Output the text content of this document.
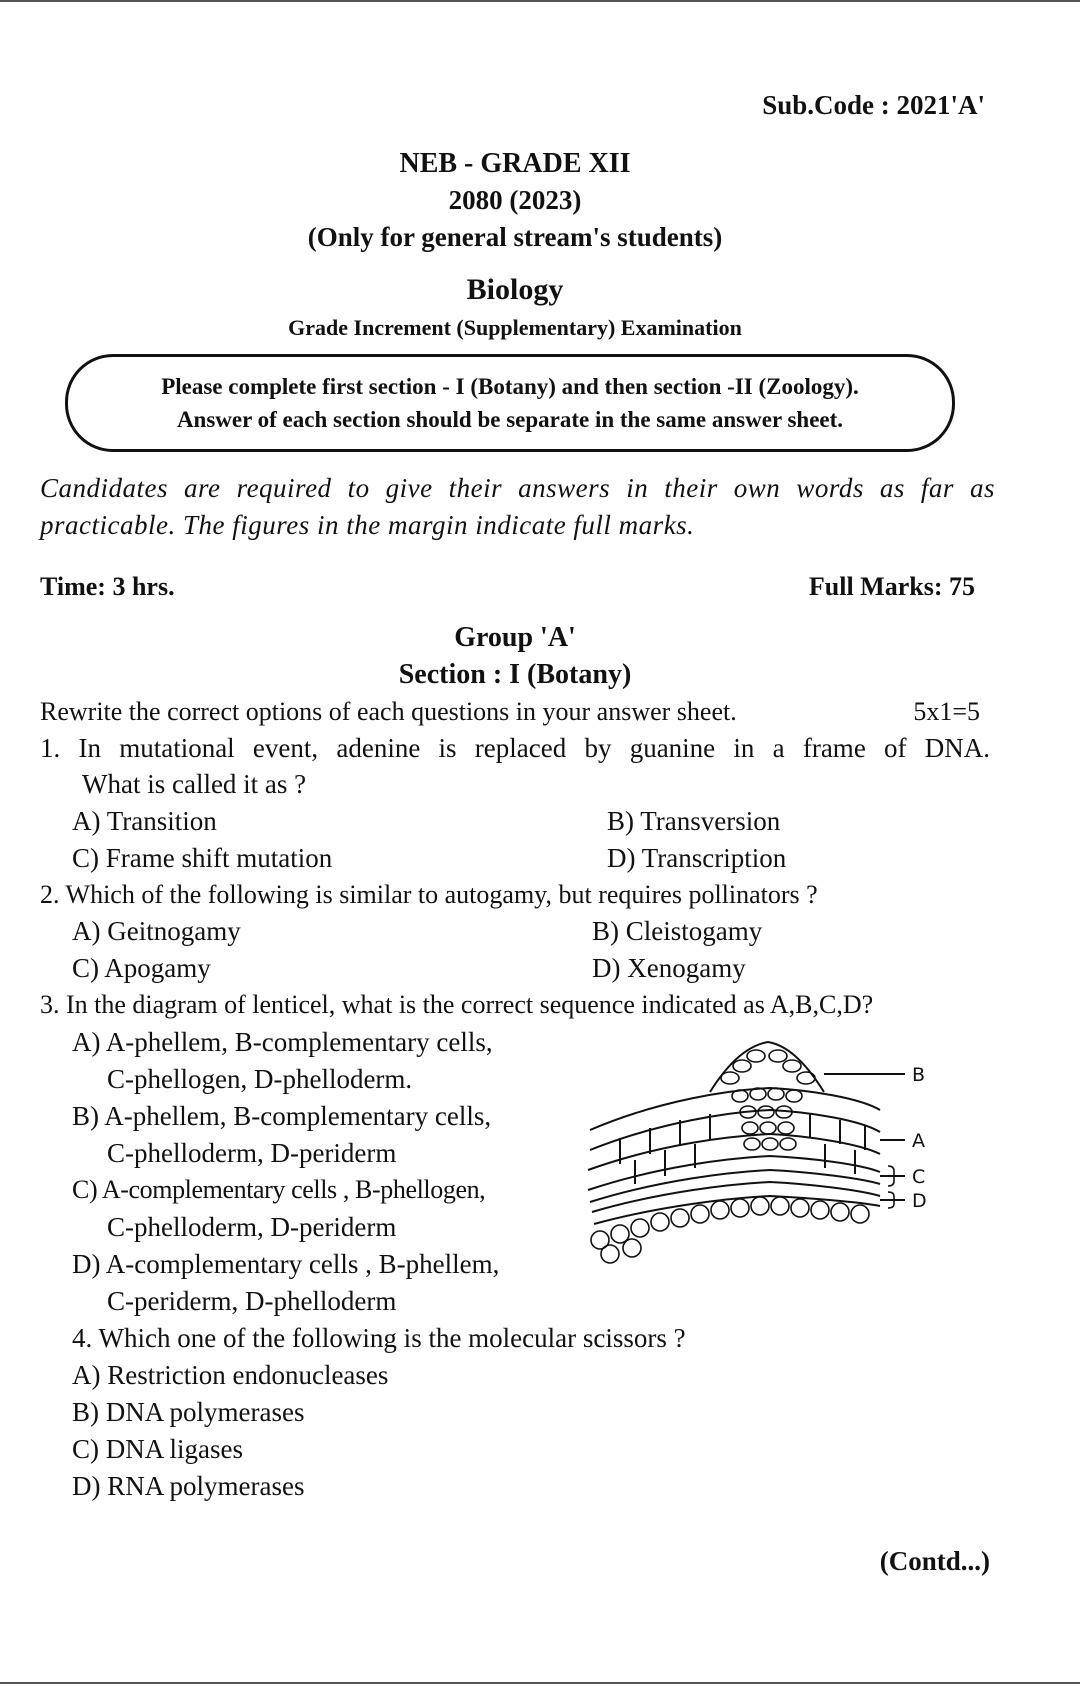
Sub.Code : 2021'A'
NEB - GRADE XII
2080 (2023)
(Only for general stream's students)
Biology
Grade Increment (Supplementary) Examination
Please complete first section - I (Botany) and then section -II (Zoology).
Answer of each section should be separate in the same answer sheet.
Candidates are required to give their answers in their own words as far as practicable. The figures in the margin indicate full marks.
Time: 3 hrs.	Full Marks: 75
Group 'A'
Section : I (Botany)
Rewrite the correct options of each questions in your answer sheet.	5x1=5
1. In mutational event, adenine is replaced by guanine in a frame of DNA.
What is called it as ?
A) Transition	B) Transversion
C) Frame shift mutation	D) Transcription
2. Which of the following is similar to autogamy, but requires pollinators ?
A) Geitnogamy	B) Cleistogamy
C) Apogamy	D) Xenogamy
3. In the diagram of lenticel, what is the correct sequence indicated as A,B,C,D?
A) A-phellem, B-complementary cells,
C-phellogen, D-phelloderm.
B) A-phellem, B-complementary cells,
C-phelloderm, D-periderm
C) A-complementary cells , B-phellogen,
C-phelloderm, D-periderm
D) A-complementary cells , B-phellem,
C-periderm, D-phelloderm
B
A
C
D
4. Which one of the following is the molecular scissors ?
A) Restriction endonucleases
B) DNA polymerases
C) DNA ligases
D) RNA polymerases
(Contd...)
